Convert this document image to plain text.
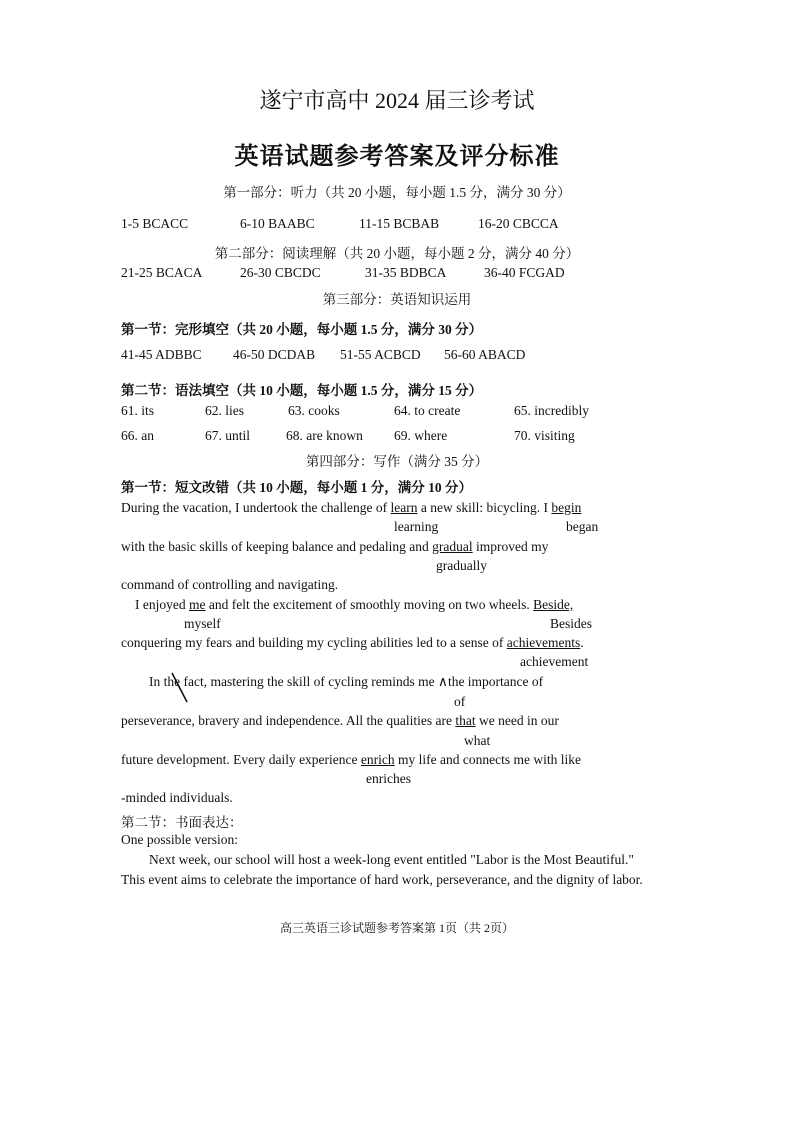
遂宁市高中 2024 届三诊考试
英语试题参考答案及评分标准
第一部分：听力（共 20 小题，每小题 1.5 分，满分 30 分）
1-5 BCACC	6-10 BAABC	11-15 BCBAB	16-20 CBCCA
第二部分：阅读理解（共 20 小题，每小题 2 分，满分 40 分）
21-25 BCACA	26-30 CBCDC	31-35 BDBCA	36-40 FCGAD
第三部分：英语知识运用
第一节：完形填空（共 20 小题，每小题 1.5 分，满分 30 分）
41-45 ADBBC 46-50 DCDAB 51-55 ACBCD 56-60 ABACD
第二节：语法填空（共 10 小题，每小题 1.5 分，满分 15 分）
61. its	62. lies	63. cooks	64. to create	65. incredibly
66. an	67. until	68. are known 69. where	70. visiting
第四部分：写作（满分 35 分）
第一节：短文改错（共 10 小题，每小题 1 分，满分 10 分）
During the vacation, I undertook the challenge of learn a new skill: bicycling. I begin
learning	began
with the basic skills of keeping balance and pedaling and gradual improved my
gradually
command of controlling and navigating.
I enjoyed me and felt the excitement of smoothly moving on two wheels. Beside,
myself	Besides
conquering my fears and building my cycling abilities led to a sense of achievements.
achievement
In the fact, mastering the skill of cycling reminds me ∧the importance of
of
perseverance, bravery and independence. All the qualities are that we need in our
what
future development. Every daily experience enrich my life and connects me with like
enriches
-minded individuals.
第二节：书面表达：
One possible version:
Next week, our school will host a week-long event entitled "Labor is the Most Beautiful."
This event aims to celebrate the importance of hard work, perseverance, and the dignity of labor.
高三英语三诊试题参考答案第 1页（共 2页）
